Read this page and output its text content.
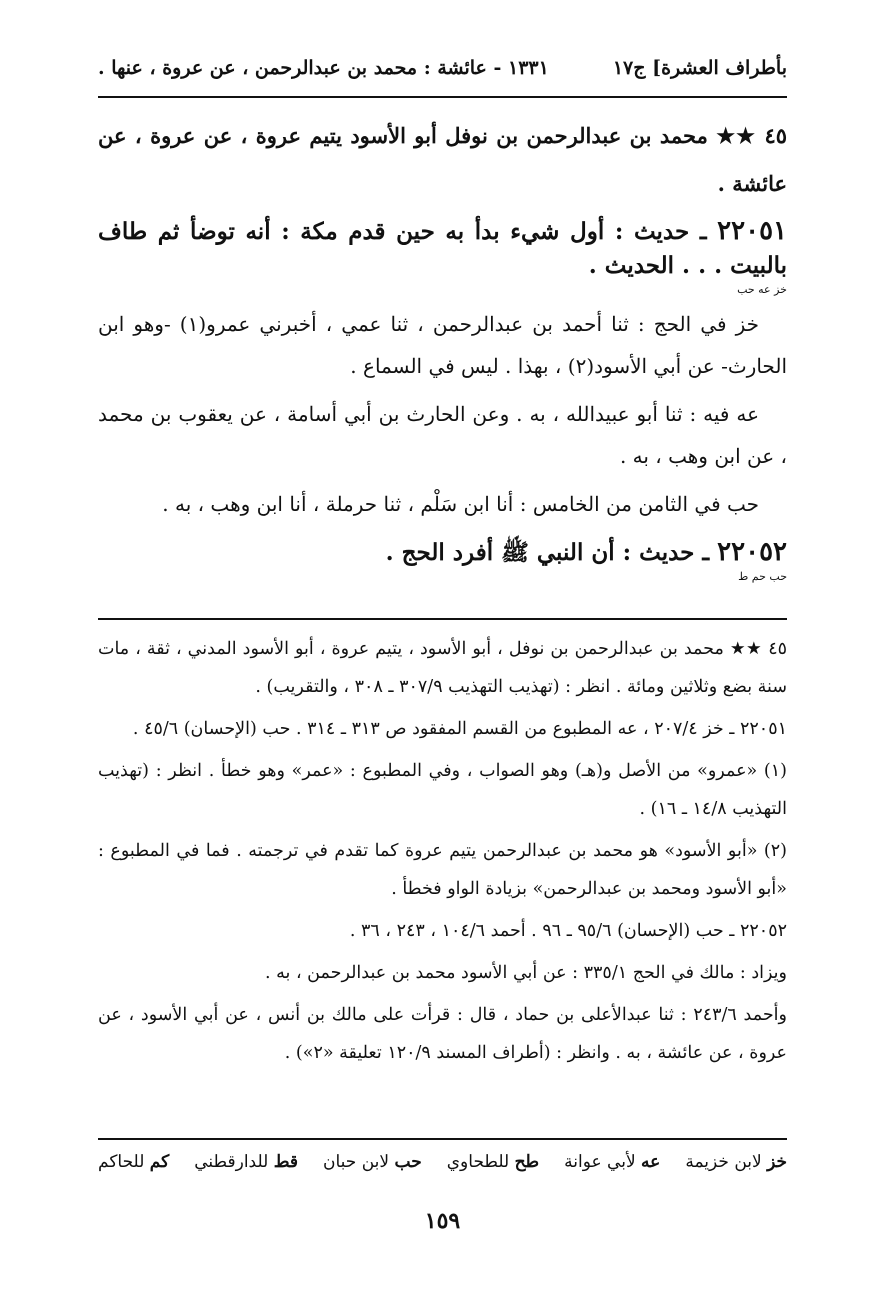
بأطراف العشرة] ج١٧
١٣٣١ - عائشة : محمد بن عبدالرحمن ، عن عروة ، عنها .

٤٥ ★★ محمد بن عبدالرحمن بن نوفل أبو الأسود يتيم عروة ، عن عروة ، عن عائشة .

٢٢٠٥١ ـ حديث : أول شيء بدأ به حين قدم مكة : أنه توضأ ثم طاف بالبيت . . . الحديث .

خز عه حب

خز في الحج : ثنا أحمد بن عبدالرحمن ، ثنا عمي ، أخبرني عمرو(١) -وهو ابن الحارث- عن أبي الأسود(٢) ، بهذا . ليس في السماع .

عه فيه : ثنا أبو عبيدالله ، به . وعن الحارث بن أبي أسامة ، عن يعقوب بن محمد ، عن ابن وهب ، به .

حب في الثامن من الخامس : أنا ابن سَلْم ، ثنا حرملة ، أنا ابن وهب ، به .

٢٢٠٥٢ ـ حديث : أن النبي ﷺ أفرد الحج .

حب حم ط

٤٥ ★★ محمد بن عبدالرحمن بن نوفل ، أبو الأسود ، يتيم عروة ، أبو الأسود المدني ، ثقة ، مات سنة بضع وثلاثين ومائة . انظر : (تهذيب التهذيب ٣٠٧/٩ ـ ٣٠٨ ، والتقريب) .

٢٢٠٥١ ـ خز ٢٠٧/٤ ، عه المطبوع من القسم المفقود ص ٣١٣ ـ ٣١٤ . حب (الإحسان) ٤٥/٦ .

(١) «عمرو» من الأصل و(هـ) وهو الصواب ، وفي المطبوع : «عمر» وهو خطأ . انظر : (تهذيب التهذيب ١٤/٨ ـ ١٦) .

(٢) «أبو الأسود» هو محمد بن عبدالرحمن يتيم عروة كما تقدم في ترجمته . فما في المطبوع : «أبو الأسود ومحمد بن عبدالرحمن» بزيادة الواو فخطأ .

٢٢٠٥٢ ـ حب (الإحسان) ٩٥/٦ ـ ٩٦ . أحمد ١٠٤/٦ ، ٢٤٣ ، ٣٦ .

ويزاد : مالك في الحج ٣٣٥/١ : عن أبي الأسود محمد بن عبدالرحمن ، به .

وأحمد ٢٤٣/٦ : ثنا عبدالأعلى بن حماد ، قال : قرأت على مالك بن أنس ، عن أبي الأسود ، عن عروة ، عن عائشة ، به . وانظر : (أطراف المسند ١٢٠/٩ تعليقة «٢») .

خز لابن خزيمة
عه لأبي عوانة
طح للطحاوي
حب لابن حبان
قط للدارقطني
كم للحاكم
١٥٩
